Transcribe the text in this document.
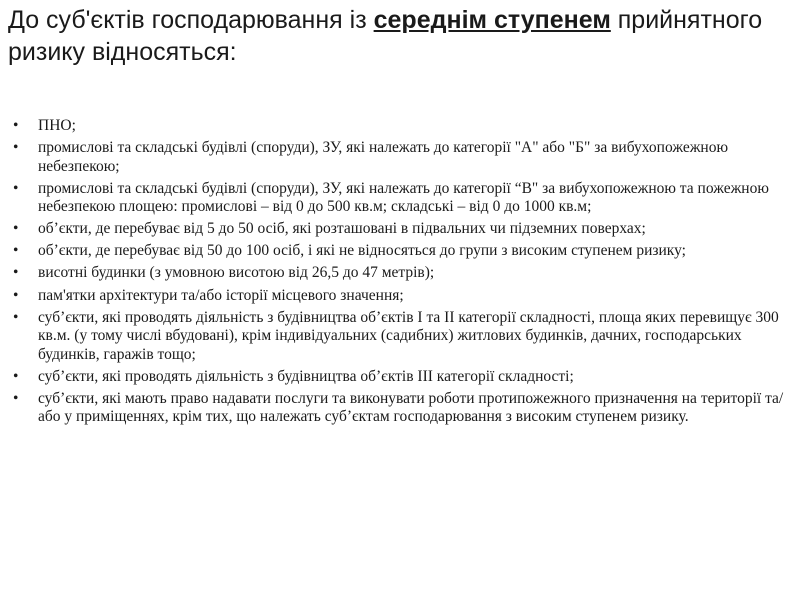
До суб'єктів господарювання із середнім ступенем прийнятного   ризику відносяться:
• ПНО;
• промислові та складські будівлі (споруди), ЗУ, які належать до категорії "А" або "Б" за вибухопожежною небезпекою;
• промислові та складські будівлі (споруди), ЗУ, які належать до категорії “В" за вибухопожежною та пожежною небезпекою площею: промислові – від 0 до 500 кв.м; складські – від 0 до 1000 кв.м;
• об’єкти, де перебуває від 5 до 50 осіб, які розташовані в підвальних чи підземних поверхах;
• об’єкти, де перебуває від 50 до 100 осіб, і які не відносяться до групи з високим ступенем ризику;
• висотні будинки (з умовною висотою від 26,5 до 47 метрів);
• пам'ятки архітектури та/або історії місцевого значення;
• суб’єкти, які проводять діяльність з будівництва об’єктів І та ІІ категорії складності, площа яких перевищує 300 кв.м. (у тому числі вбудовані), крім індивідуальних (садибних) житлових будинків, дачних, господарських будинків, гаражів тощо;
• суб’єкти, які проводять діяльність з будівництва об’єктів ІІІ категорії складності;
• суб’єкти, які мають право надавати послуги та виконувати роботи протипожежного призначення на території та/або у приміщеннях, крім тих, що належать суб’єктам господарювання з високим ступенем ризику.
